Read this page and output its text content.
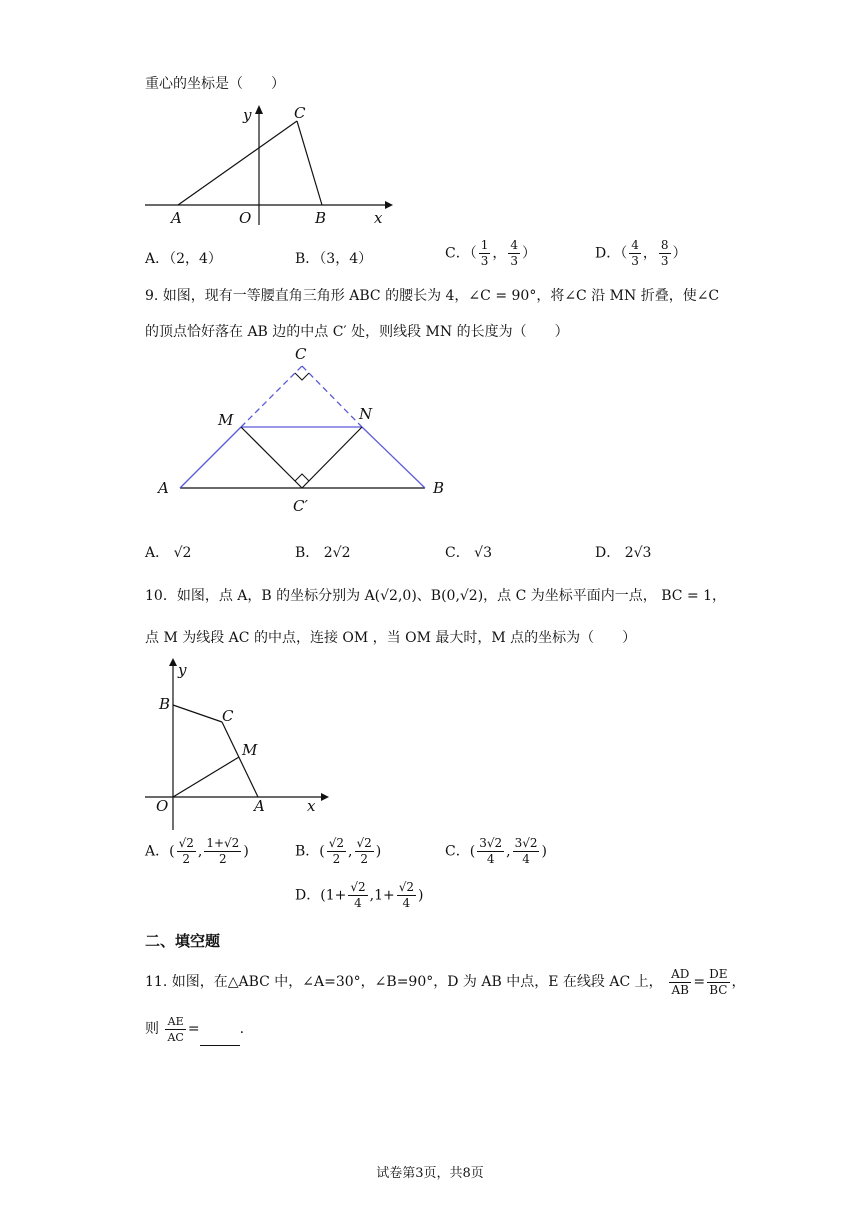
重心的坐标是（　　）
y	C
A	O	B	x
A．（2，4）	B．（3，4）	C．（ $\frac{1}{3}$ ， $\frac{4}{3}$ ）	D．（ $\frac{4}{3}$ ， $\frac{8}{3}$ ）
9. 如图，现有一等腰直角三角形 ABC 的腰长为 4，∠C = 90°，将∠C 沿 MN 折叠，使∠C
的顶点恰好落在 AB 边的中点 C′ 处，则线段 MN 的长度为（　　）
C
M	N
A	B
C′
A． √2	B． 2√2	C． √3	D． 2√3
10．如图，点 A，B 的坐标分别为 A(√2,0)、B(0,√2)，点 C 为坐标平面内一点， BC = 1，
点 M 为线段 AC 的中点，连接 OM ，当 OM 最大时，M 点的坐标为（　　）
y
B
C
M
O	A	x
A．( $\frac{√2}{2}$ , $\frac{1+√2}{2}$ )	B．( $\frac{√2}{2}$ , $\frac{√2}{2}$ )	C．( $\frac{3√2}{4}$ , $\frac{3√2}{4}$ )
D．($1+ \frac{√2}{4} ,1+ \frac{√2}{4}$ )
二、填空题
11. 如图，在△ABC 中，∠A=30°，∠B=90°，D 为 AB 中点，E 在线段 AC 上， $\frac{AD}{AB} = \frac{DE}{BC}$ ，
则 $\frac{AE}{AC}$ =	.
试卷第3页，共8页
